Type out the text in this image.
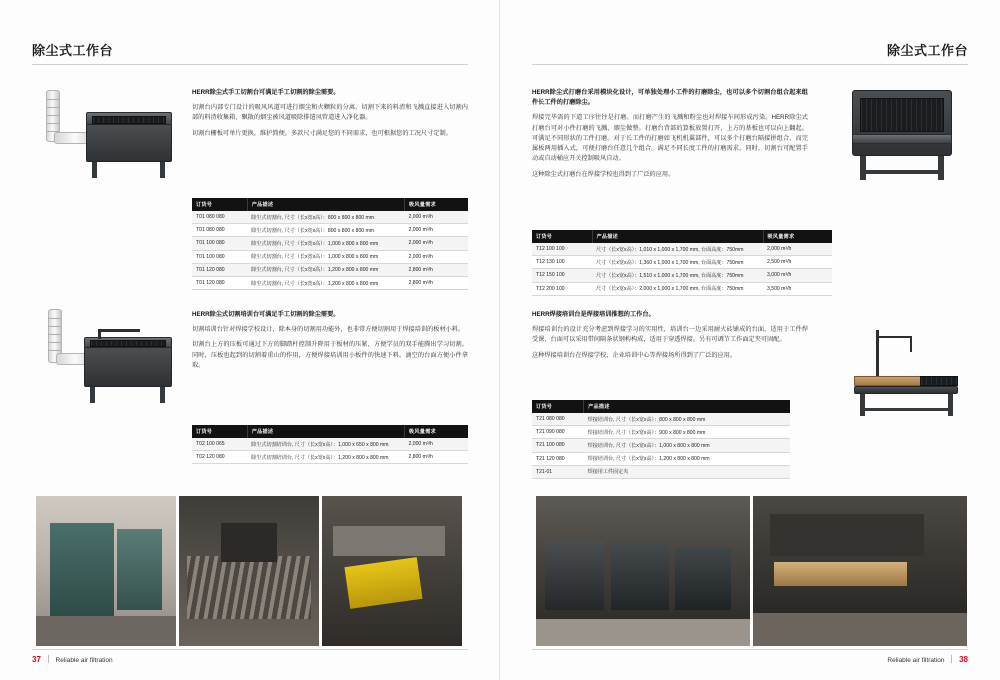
除尘式工作台

HERR除尘式手工切割台可满足手工切割的除尘需要。

切割台内部专门设计的吸风风道可进行烟尘和火颗粒的分离，切割下来的料渣和飞溅直接进入切割内部的料渣收集箱，飘散的烟尘被风道吸除排遣风管道进入净化器。

切割台栅板可单片更换，维护简便。多款尺寸满足您的不同需求，也可根据您的工况尺寸定制。

订货号	产品描述	吸风量需求
T01 080 080	除尘式切割台, 尺寸（长x宽x高）：800 x 800 x 800 mm	2,000 m³/h
T01 080 080	除尘式切割台, 尺寸（长x宽x高）：800 x 800 x 800 mm	2,000 m³/h
T01 100 080	除尘式切割台, 尺寸（长x宽x高）：1,000 x 800 x 800 mm	2,000 m³/h
T01 100 080	除尘式切割台, 尺寸（长x宽x高）：1,000 x 800 x 800 mm	2,000 m³/h
T01 120 080	除尘式切割台, 尺寸（长x宽x高）：1,200 x 800 x 800 mm	2,800 m³/h
T01 120 080	除尘式切割台, 尺寸（长x宽x高）：1,200 x 800 x 800 mm	2,800 m³/h

HERR除尘式切割培训台可满足手工切割的除尘需要。

切割培训台针对焊接学校设计，除本身的切割用功能外，也非常方便切割用于焊接培训的板材小料。

切割台上方的压板可通过下方的脚踏杆控制升降用于板材的压紧，方便学员的双手能腾出学习切割。同时，压板也起到的切割着重山的作用，方便焊接培训用小板件的快速下料。滴空的台面方便小件拿取。

订货号	产品描述	吸风量需求
T02 100 065	除尘式切割培训台, 尺寸（长x宽x高）：1,000 x 650 x 800 mm	2,000 m³/h
T02 120 080	除尘式切割培训台, 尺寸（长x宽x高）：1,200 x 800 x 800 mm	2,800 m³/h
37 Reliable air filtration
除尘式工作台

HERR除尘式打磨台采用模块化设计，可单独处理小工件的打磨除尘，也可以多个切割台组合起来组件长工件的打磨除尘。

焊接完毕需的下道工序往往是打磨。而打磨产生的飞溅和粉尘也对焊接车间形成污染。HERR除尘式打磨台可对小件打磨的飞溅、烟尘做整。打磨台背部的算板放置打开，上方的基板也可以向上翻起。可满足不同形状的工件打磨。对于长工件的打磨如飞机机翼部件，可以多个打磨台隔接拼组合，而完属板两用插入式，可便打磨台任意几个组合。满足不同长度工件的打磨需求。同时，切割台可配置手动或自动桶应开关控制吸风自动。

这种除尘式打磨台在焊接学校也得到了广泛的应用。

订货号	产品描述	吸风量需求
T12 100 100	尺寸（长x宽x高）：1,010 x 1,000 x 1,700 mm, 台面高度：750mm	2,000 m³/h
T12 130 100	尺寸（长x宽x高）：1,360 x 1,000 x 1,700 mm, 台面高度：750mm	2,500 m³/h
T12 150 100	尺寸（长x宽x高）：1,510 x 1,000 x 1,700 mm, 台面高度：750mm	3,000 m³/h
T12 200 100	尺寸（长x宽x高）：2,000 x 1,000 x 1,700 mm, 台面高度：750mm	3,500 m³/h

HERR焊接培训台是焊接培训推想的工作台。

焊接培训台的设计充分考虑到焊接学习的实用性，培训台一边采用耐火砖铺成的台面，适用于工件焊受课，台面可以采用带间隔条状钢构构成，适用于穿透焊接。另有可调节工作面定夹可固配。

这种焊接培训台在焊接学校、企业培训中心等焊接场所得到了广泛的应用。

订货号	产品描述
T21 080 080	焊接培训台, 尺寸（长x宽x高）：800 x 800 x 800 mm
T21 090 080	焊接培训台, 尺寸（长x宽x高）：900 x 800 x 800 mm
T21 100 080	焊接培训台, 尺寸（长x宽x高）：1,000 x 800 x 800 mm
T21 120 080	焊接培训台, 尺寸（长x宽x高）：1,200 x 800 x 800 mm
T21-01	焊接用工件固定夹
Reliable air filtration 38
